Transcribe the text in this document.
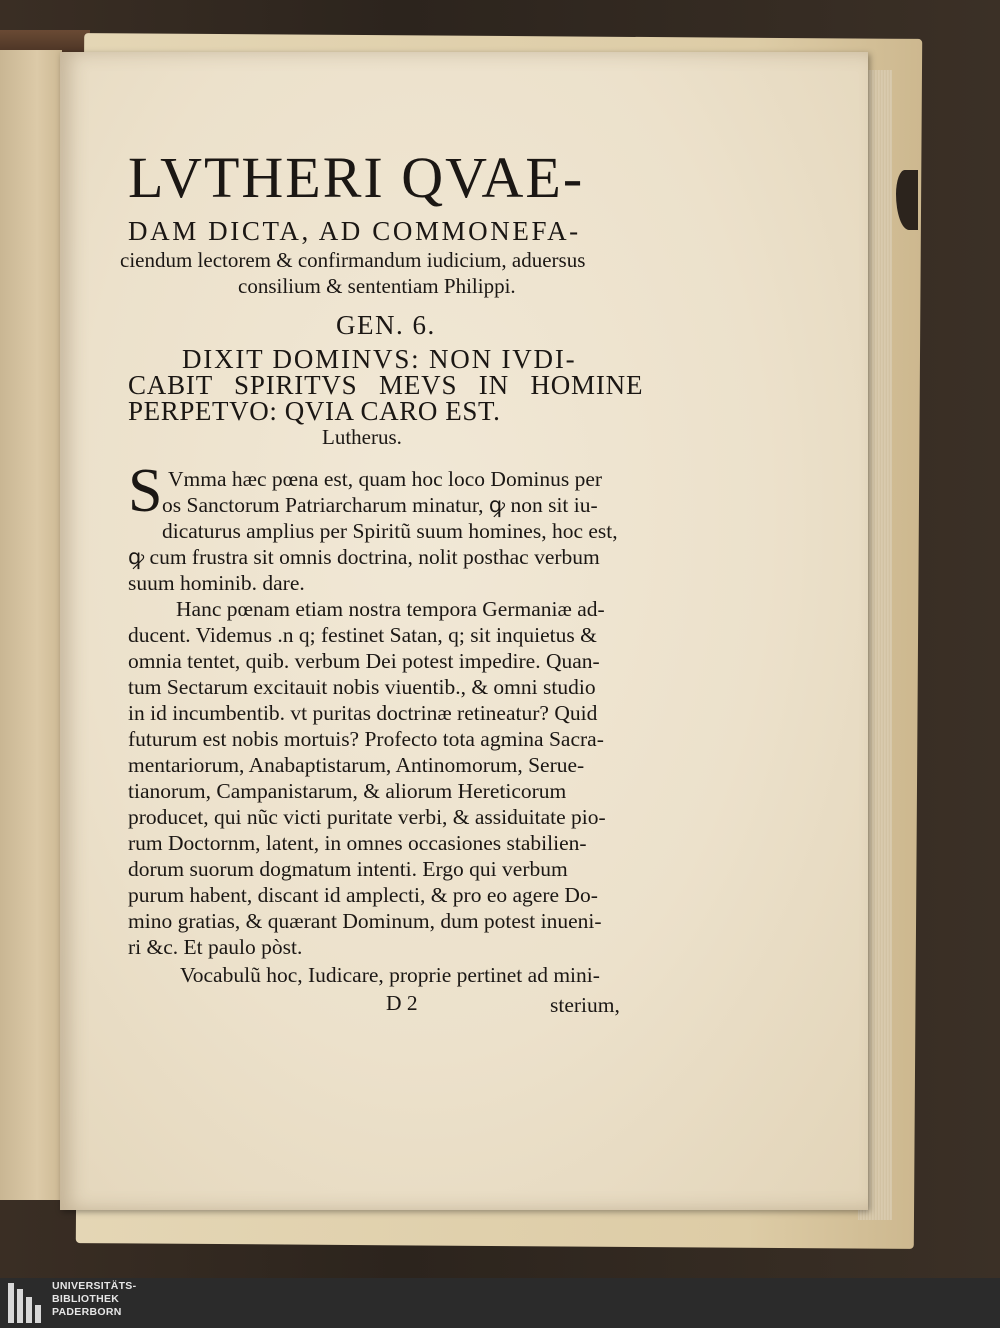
LVTHERI QVAE-
DAM DICTA, AD COMMONEFA-
ciendum lectorem & confirmandum iudicium, aduersus
consilium & sententiam Philippi.
GEN. 6.
DIXIT DOMINVS: NON IVDI-
CABIT SPIRITVS MEVS IN HOMINE
PERPETVO: QVIA CARO EST.
Lutherus.
S Vmma hæc pœna est, quam hoc loco Dominus per
os Sanctorum Patriarcharum minatur, ꝙ non sit iu-
dicaturus amplius per Spiritũ suum homines, hoc est,
ꝙ cum frustra sit omnis doctrina, nolit posthac verbum
suum hominib. dare.
Hanc pœnam etiam nostra tempora Germaniæ ad-
ducent. Videmus .n q; festinet Satan, q; sit inquietus &
omnia tentet, quib. verbum Dei potest impedire. Quan-
tum Sectarum excitauit nobis viuentib., & omni studio
in id incumbentib. vt puritas doctrinæ retineatur? Quid
futurum est nobis mortuis? Profecto tota agmina Sacra-
mentariorum, Anabaptistarum, Antinomorum, Serue-
tianorum, Campanistarum, & aliorum Hereticorum
producet, qui nũc victi puritate verbi, & assiduitate pio-
rum Doctornm, latent, in omnes occasiones stabilien-
dorum suorum dogmatum intenti. Ergo qui verbum
purum habent, discant id amplecti, & pro eo agere Do-
mino gratias, & quærant Dominum, dum potest inueni-
ri &c. Et paulo pòst.
Vocabulũ hoc, Iudicare, proprie pertinet ad mini-
D 2	sterium,
UNIVERSITÄTS-
BIBLIOTHEK
PADERBORN
